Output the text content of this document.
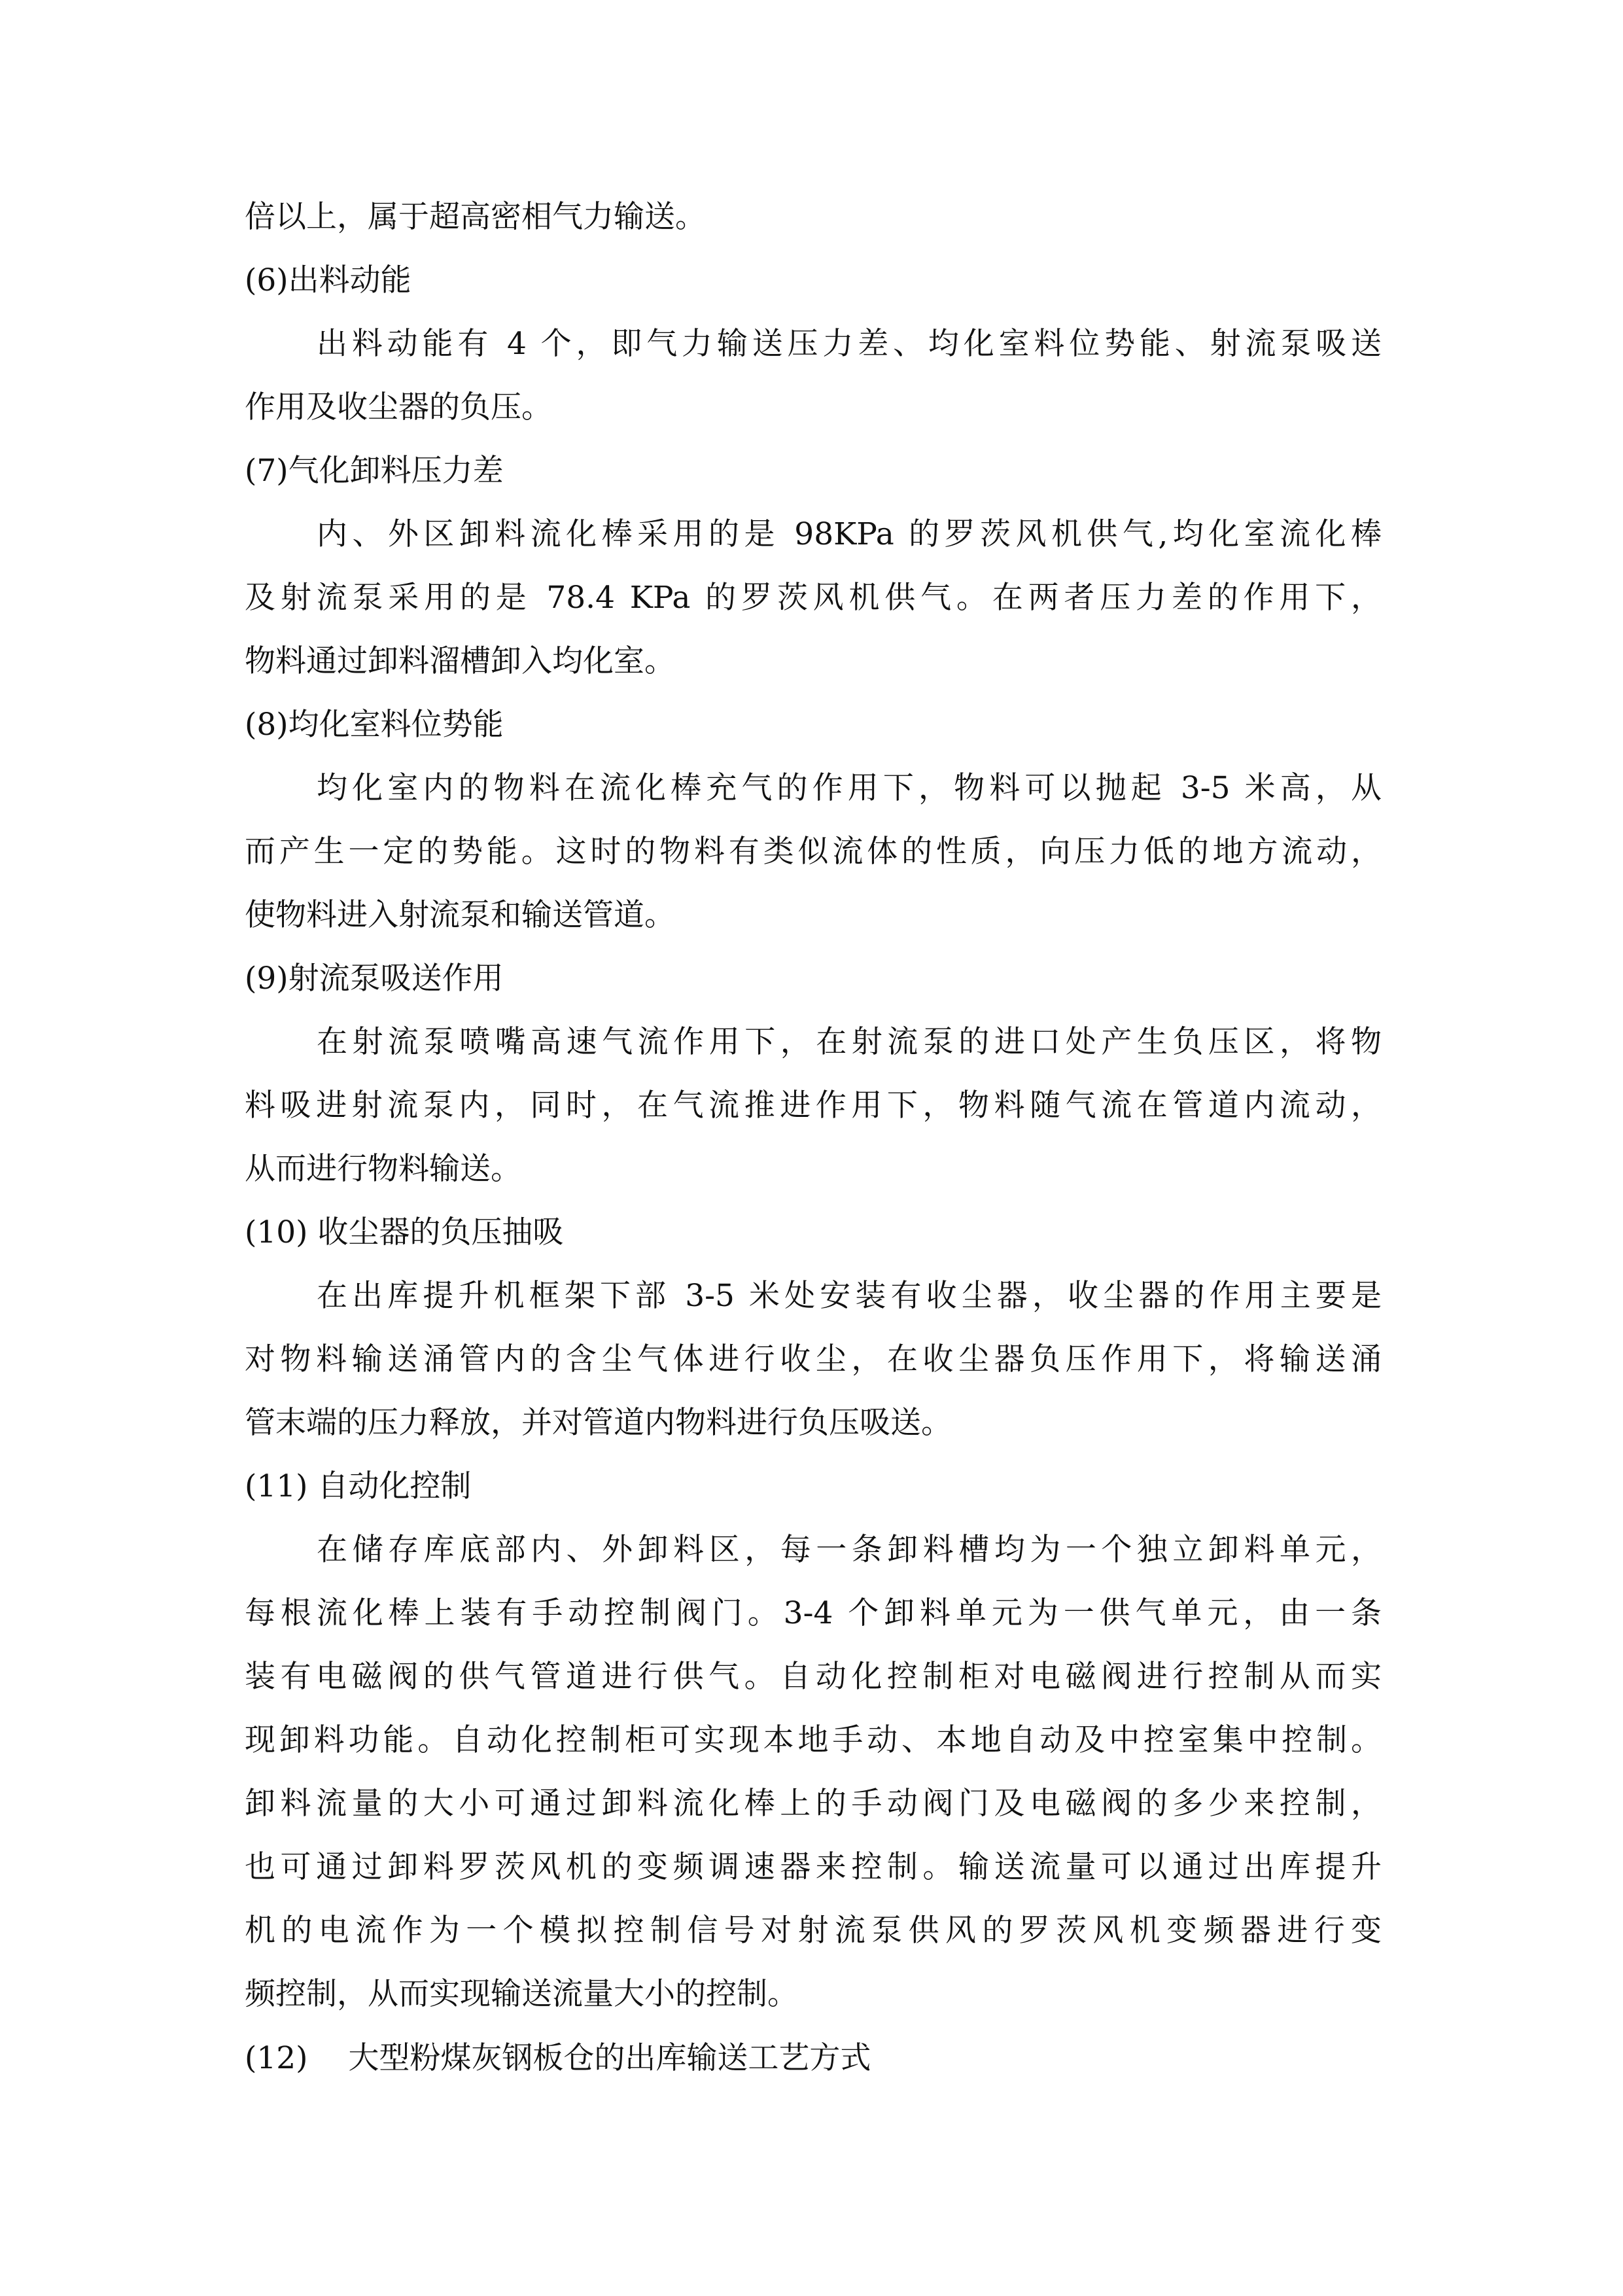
倍以上，属于超高密相气力输送。
(6)出料动能
出料动能有 4 个，即气力输送压力差、均化室料位势能、射流泵吸送
作用及收尘器的负压。
(7)气化卸料压力差
内、外区卸料流化棒采用的是 98KPa 的罗茨风机供气,均化室流化棒
及射流泵采用的是 78.4 KPa 的罗茨风机供气。在两者压力差的作用下，
物料通过卸料溜槽卸入均化室。
(8)均化室料位势能
均化室内的物料在流化棒充气的作用下，物料可以抛起 3-5 米高，从
而产生一定的势能。这时的物料有类似流体的性质，向压力低的地方流动，
使物料进入射流泵和输送管道。
(9)射流泵吸送作用
在射流泵喷嘴高速气流作用下，在射流泵的进口处产生负压区，将物
料吸进射流泵内，同时，在气流推进作用下，物料随气流在管道内流动，
从而进行物料输送。
(10) 收尘器的负压抽吸
在出库提升机框架下部 3-5 米处安装有收尘器，收尘器的作用主要是
对物料输送涌管内的含尘气体进行收尘，在收尘器负压作用下，将输送涌
管末端的压力释放，并对管道内物料进行负压吸送。
(11) 自动化控制
在储存库底部内、外卸料区，每一条卸料槽均为一个独立卸料单元，
每根流化棒上装有手动控制阀门。3-4 个卸料单元为一供气单元，由一条
装有电磁阀的供气管道进行供气。自动化控制柜对电磁阀进行控制从而实
现卸料功能。自动化控制柜可实现本地手动、本地自动及中控室集中控制。
卸料流量的大小可通过卸料流化棒上的手动阀门及电磁阀的多少来控制，
也可通过卸料罗茨风机的变频调速器来控制。输送流量可以通过出库提升
机的电流作为一个模拟控制信号对射流泵供风的罗茨风机变频器进行变
频控制，从而实现输送流量大小的控制。
(12)　 大型粉煤灰钢板仓的出库输送工艺方式
